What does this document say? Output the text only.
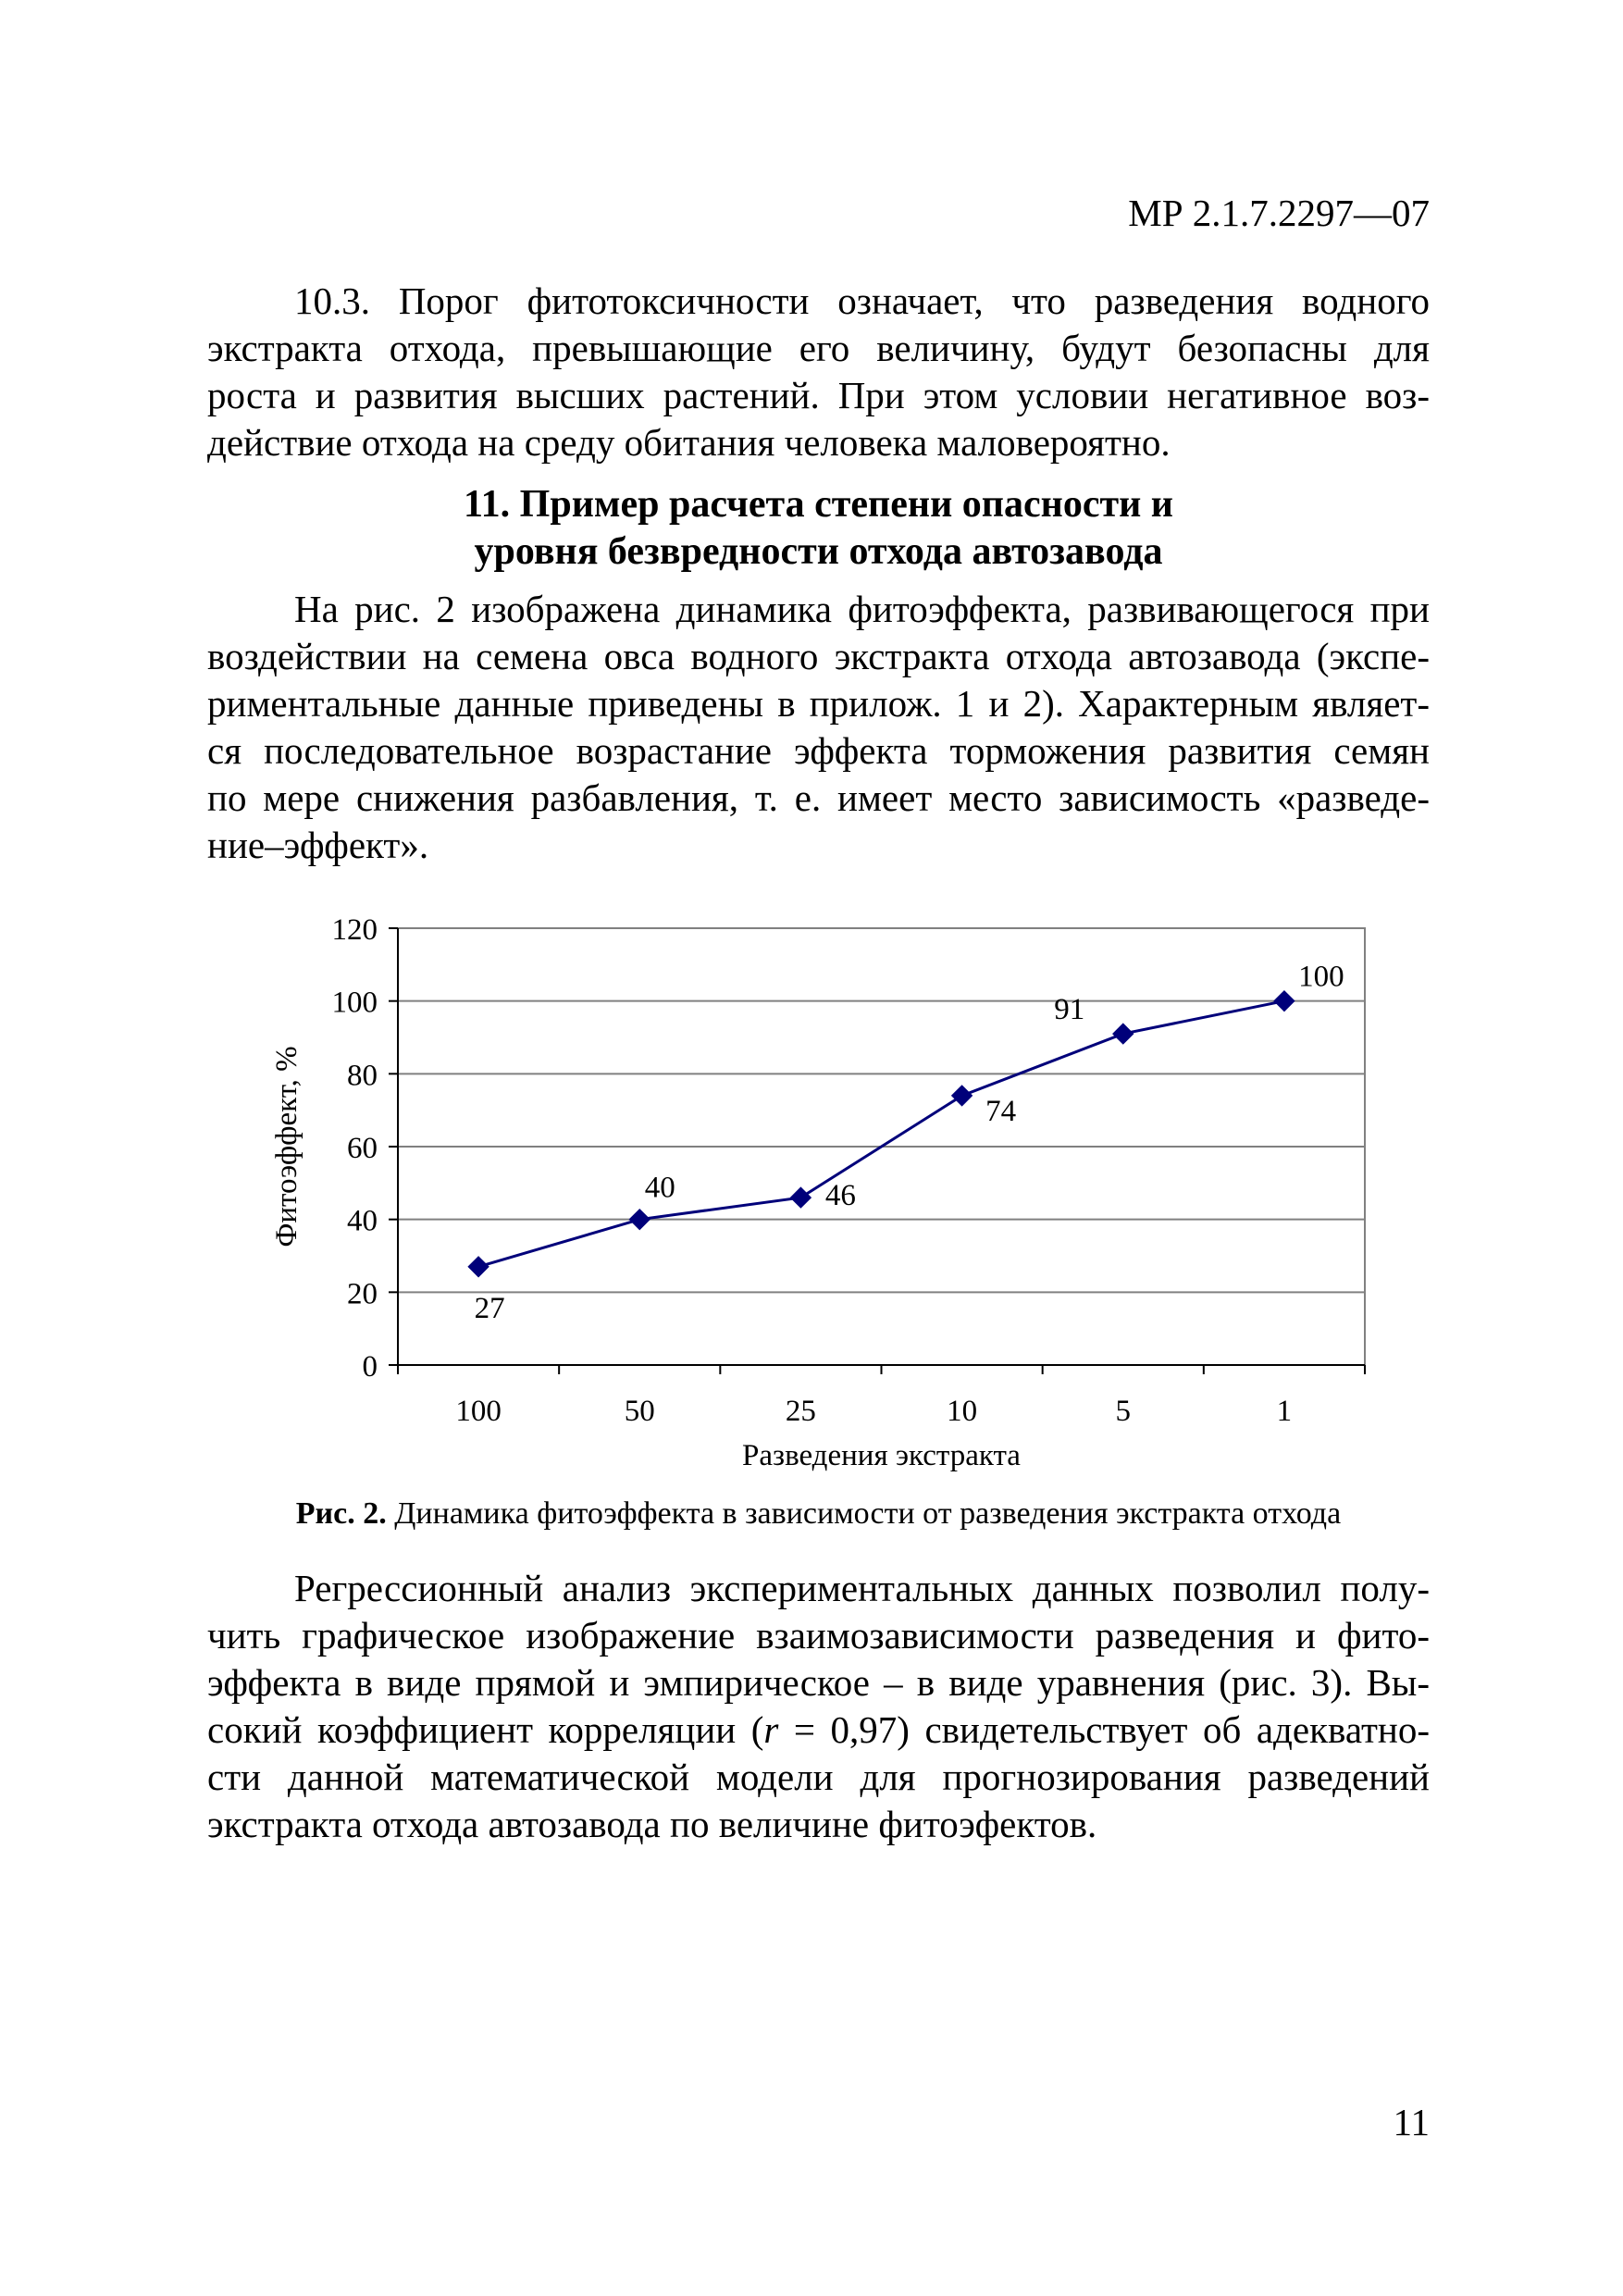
МР 2.1.7.2297—07
10.3. Порог фитотоксичности означает, что разведения водного
экстракта отхода, превышающие его величину, будут безопасны для
роста и развития высших растений. При этом условии негативное воз-
действие отхода на среду обитания человека маловероятно.
11. Пример расчета степени опасности и
уровня безвредности отхода автозавода
На рис. 2 изображена динамика фитоэффекта, развивающегося при
воздействии на семена овса водного экстракта отхода автозавода (экспе-
риментальные данные приведены в прилож. 1 и 2). Характерным являет-
ся последовательное возрастание эффекта торможения развития семян
по мере снижения разбавления, т. е. имеет место зависимость «разведе-
ние–эффект».
0
20
40
60
80
100
120
100	50	25	10	5	1
Разведения экстракта
Фитоэффект, %
27
40	46
74
91
100
Рис. 2. Динамика фитоэффекта в зависимости от разведения экстракта отхода
Регрессионный анализ экспериментальных данных позволил полу-
чить графическое изображение взаимозависимости разведения и фито-
эффекта в виде прямой и эмпирическое – в виде уравнения (рис. 3). Вы-
сокий коэффициент корреляции (r = 0,97) свидетельствует об адекватно-
сти данной математической модели для прогнозирования разведений
экстракта отхода автозавода по величине фитоэфектов.
11
